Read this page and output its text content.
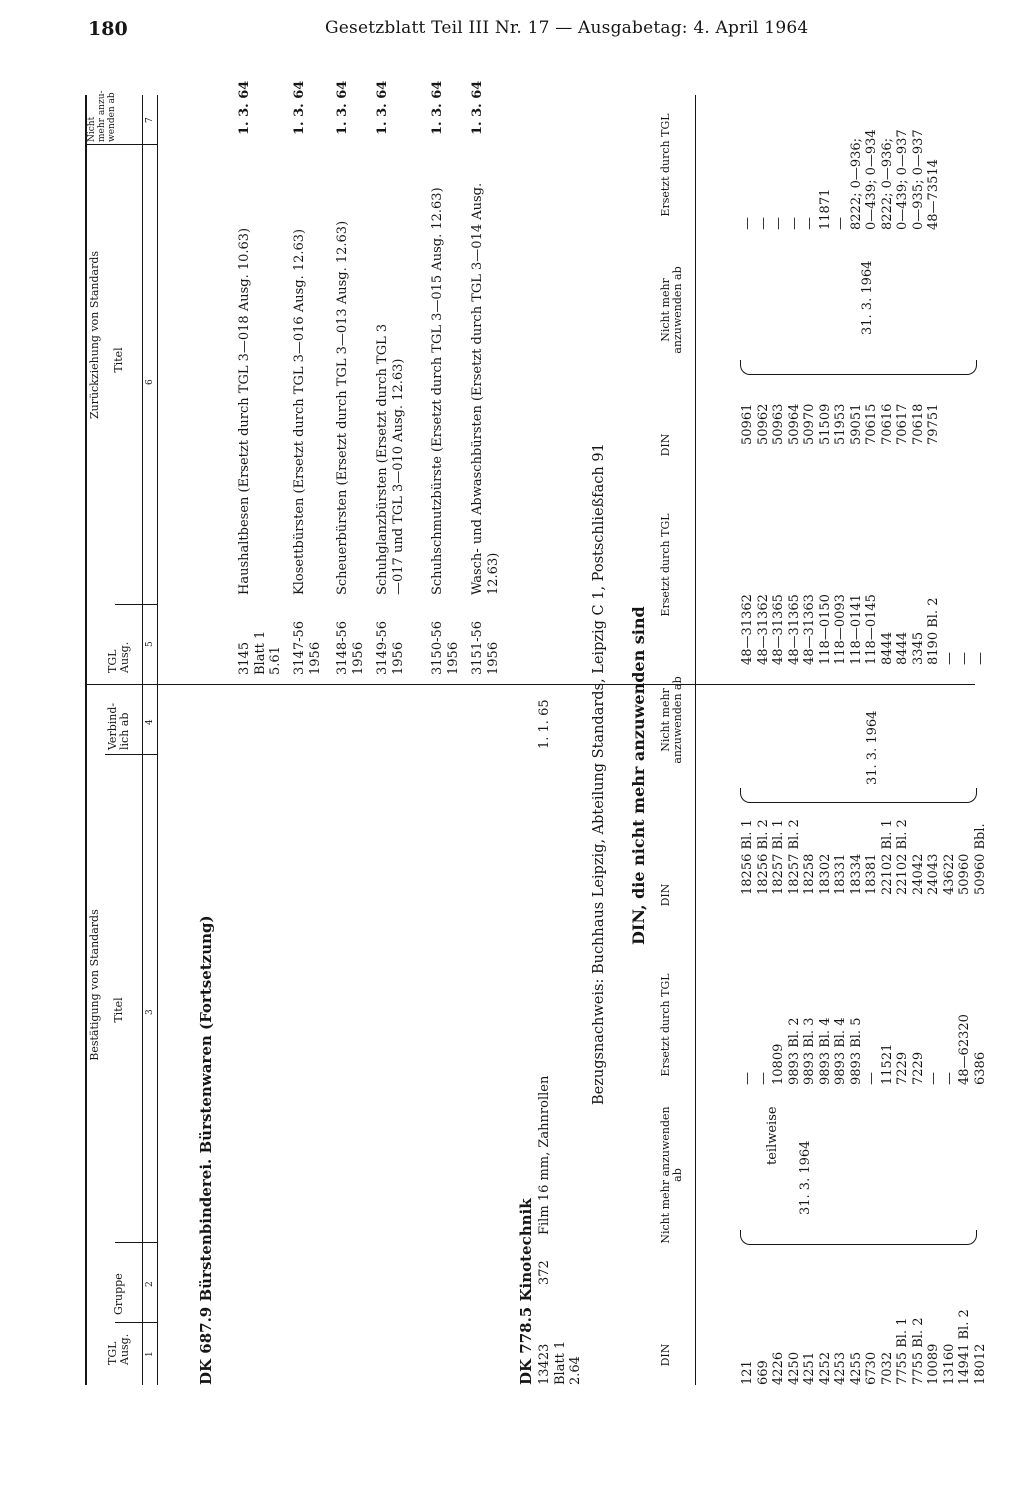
180	Gesetzblatt Teil III Nr. 17 — Ausgabetag: 4. April 1964
Bestätigung von Standards
Zurückziehung von Standards
TGL Ausg.
Gruppe
Titel
Verbind-lich ab
TGL Ausg.
Titel
Nicht mehr anzu-wenden ab
1
2
3
4
5
6
7
DK 687.9 Bürstenbinderei. Bürstenwaren (Fortsetzung)
3145 Blatt 1 5.61
Haushaltbesen (Ersetzt durch TGL 3—018 Ausg. 10.63)
1. 3. 64
3147-56 1956
Klosettbürsten (Ersetzt durch TGL 3—016 Ausg. 12.63)
1. 3. 64
3148-56 1956
Scheuerbürsten (Ersetzt durch TGL 3—013 Ausg. 12.63)
1. 3. 64
3149-56 1956
Schuhglanzbürsten (Ersetzt durch TGL 3—017 und TGL 3—010 Ausg. 12.63)
1. 3. 64
3150-56 1956
Schuhschmutzbürste (Ersetzt durch TGL 3—015 Ausg. 12.63)
1. 3. 64
3151-56 1956
Wasch- und Abwaschbürsten (Ersetzt durch TGL 3—014 Ausg. 12.63)
1. 3. 64
DK 778.5 Kinotechnik 13423 Blatt 1 2.64
372
Film 16 mm, Zahnrollen
1. 1. 65	Bezugsnachweis: Buchhaus Leipzig, Abteilung Standards, Leipzig C 1, Postschließfach 91 DIN, die nicht mehr anzuwenden sind
DIN
Nicht mehr anzuwenden ab
Ersetzt durch TGL
121 669 4226 4250 4251 4252 4253 4255 6730 7032 7755 Bl. 1 7755 Bl. 2 10089 13160 14941 Bl. 2 18012
— — 10809 9893 Bl. 2 9893 Bl. 3 9893 Bl. 4 9893 Bl. 4 9893 Bl. 5 — 11521 7229 7229 — — 48—62320 6386
teilweise
31. 3. 1964
DIN
Nicht mehr anzuwenden ab
Ersetzt durch TGL
18256 Bl. 1 18256 Bl. 2 18257 Bl. 1 18257 Bl. 2 18258 18302 18331 18334 18381 22102 Bl. 1 22102 Bl. 2 24042 24043 43622 50960 50960 Bbl.
48—31362 48—31362 48—31365 48—31365 48—31363 118—0150 118—0093 118—0141 118—0145 8444 8444 3345 8190 Bl. 2 — — —
31. 3. 1964
DIN
Nicht mehr anzuwenden ab
Ersetzt durch TGL
50961 50962 50963 50964 50970 51509 51953 59051 70615 70616 70617 70618 79751
— — — — — 11871 — 8222; 0—936; 0—439; 0—934 8222; 0—936; 0—439; 0—937 0—935; 0—937 48—73514
31. 3. 1964
